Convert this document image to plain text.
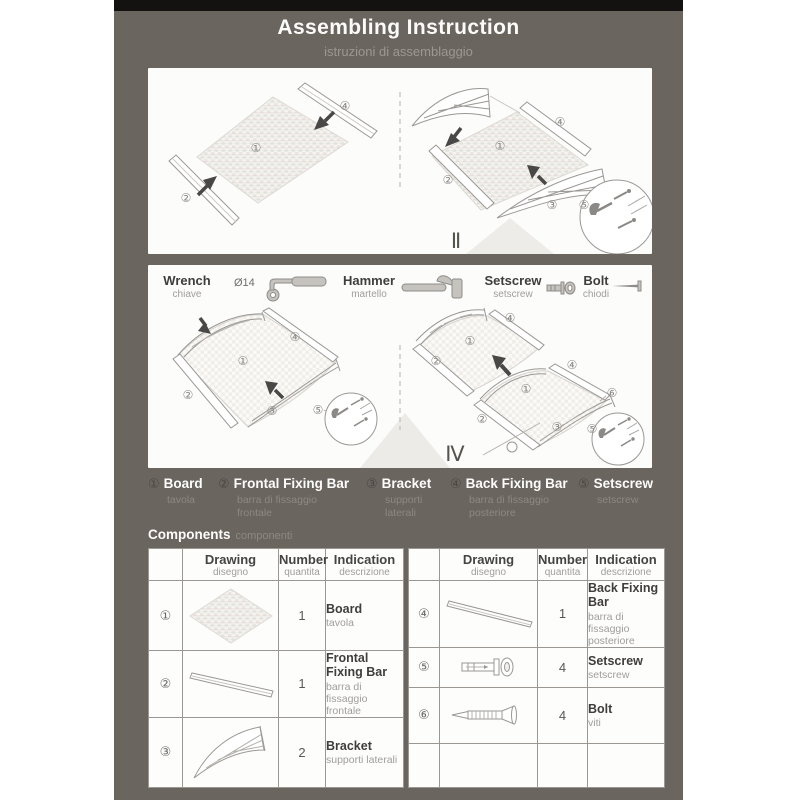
Assembling Instruction
istruzioni di assemblaggio
①
②
④
①
②
④
③ ⑤
Ⅱ
Wrench
chiave
Ø14	Hammer
martello
Setscrew
setscrew
Bolt
chiodi
①
②
④
③	⑤
①
②
④
①
②
④
③ ⑤
⑥
Ⅳ
① Board
tavola
② Frontal Fixing Bar
barra di fissaggio frontale
③ Bracket
supporti laterali
④ Back Fixing Bar
barra di fissaggio posteriore
⑤ Setscrew
setscrew
Components componenti

Drawing
disegno

Number
quantita

Indication
descrizione

①		1	Board
tavola

②		1	Frontal Fixing Bar
barra di fissaggio frontale

③		2	Bracket
supporti laterali

Drawing
disegno

Number
quantita

Indication
descrizione

④		1	Back Fixing Bar
barra di fissaggio posteriore

⑤		4	Setscrew
setscrew

⑥		4	Bolt
viti
